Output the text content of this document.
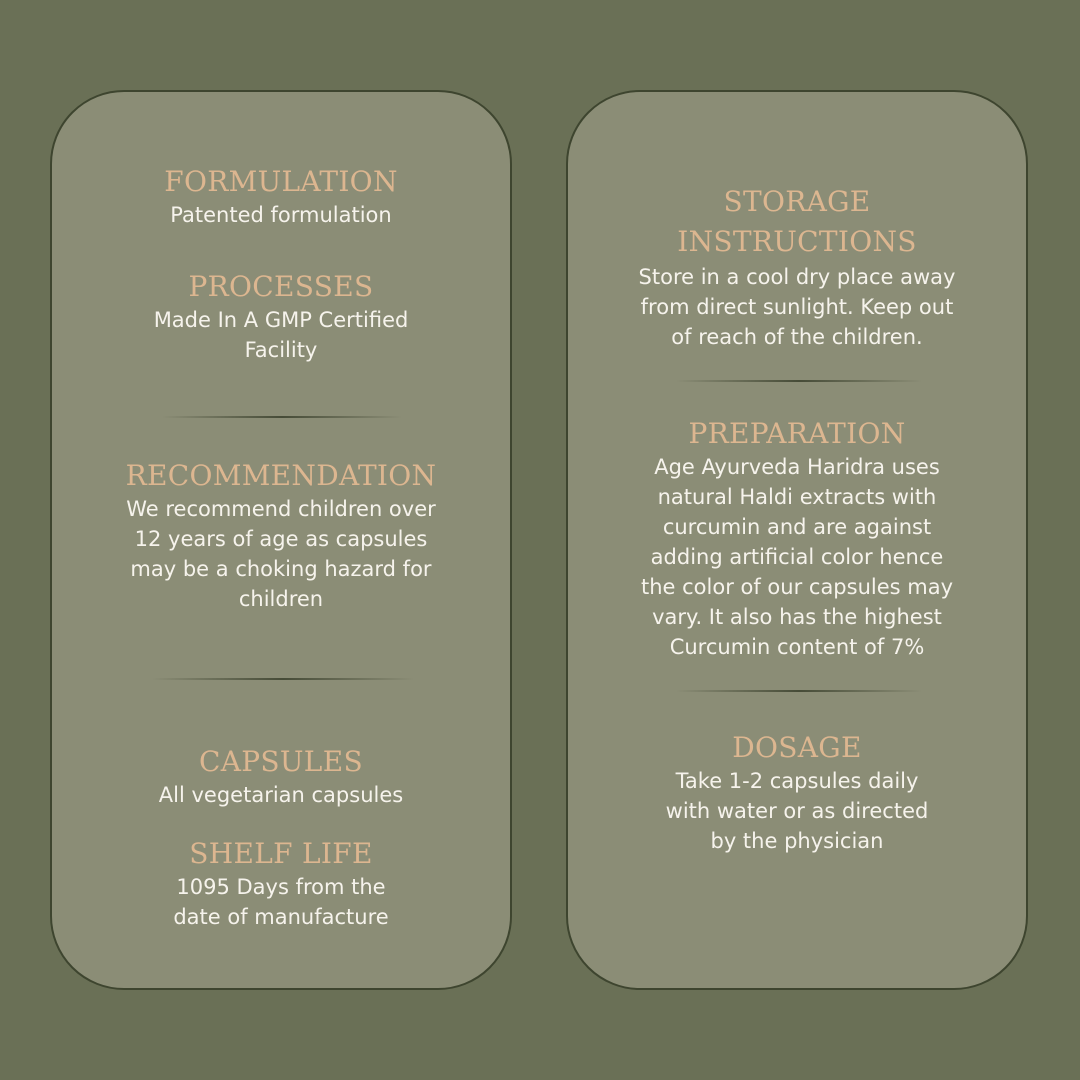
FORMULATION
Patented formulation
PROCESSES
Made In A GMP Certified
Facility
RECOMMENDATION
We recommend children over
12 years of age as capsules
may be a choking hazard for
children
CAPSULES
All vegetarian capsules
SHELF LIFE
1095 Days from the
date of manufacture
STORAGE
INSTRUCTIONS
Store in a cool dry place away
from direct sunlight. Keep out
of reach of the children.
PREPARATION
Age Ayurveda Haridra uses
natural Haldi extracts with
curcumin and are against
adding artificial color hence
the color of our capsules may
vary. It also has the highest
Curcumin content of 7%
DOSAGE
Take 1-2 capsules daily
with water or as directed
by the physician
